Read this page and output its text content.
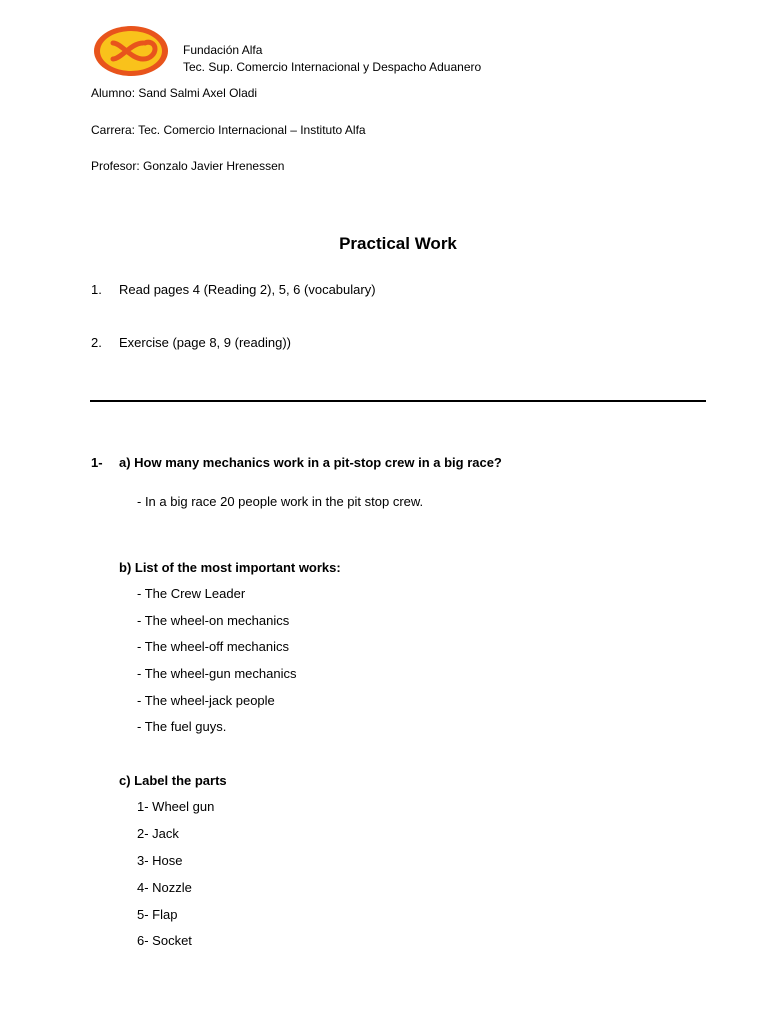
Fundación Alfa
Tec. Sup. Comercio Internacional y Despacho Aduanero
Alumno: Sand Salmi Axel Oladi
Carrera: Tec. Comercio Internacional – Instituto Alfa
Profesor: Gonzalo Javier Hrenessen
Practical Work
1. Read pages 4 (Reading 2), 5, 6 (vocabulary)
2. Exercise (page 8, 9 (reading))
1- a) How many mechanics work in a pit-stop crew in a big race?
- In a big race 20 people work in the pit stop crew.
b) List of the most important works:
- The Crew Leader
- The wheel-on mechanics
- The wheel-off mechanics
- The wheel-gun mechanics
- The wheel-jack people
- The fuel guys.
c) Label the parts
1- Wheel gun
2- Jack
3- Hose
4- Nozzle
5- Flap
6- Socket
